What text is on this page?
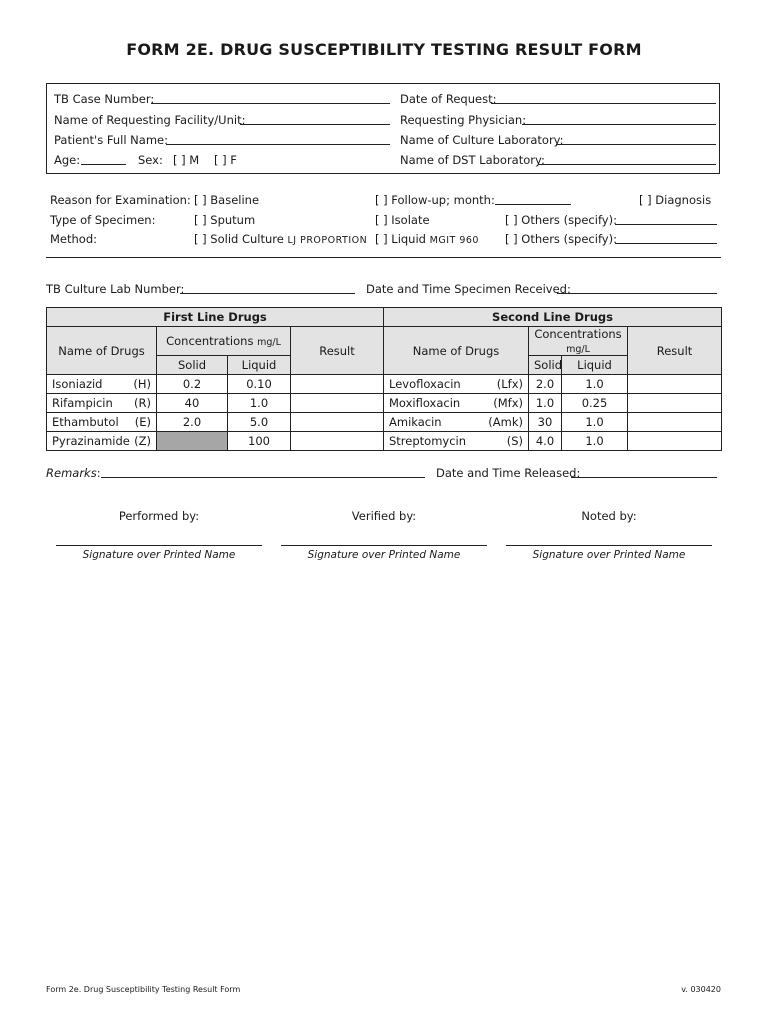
FORM 2E. DRUG SUSCEPTIBILITY TESTING RESULT FORM
TB Case Number:
Name of Requesting Facility/Unit:
Patient's Full Name:
Age:	Sex: [ ] M [ ] F
Date of Request:
Requesting Physician:
Name of Culture Laboratory:
Name of DST Laboratory:
Reason for Examination: [ ] Baseline	[ ] Follow-up; month:	[ ] Diagnosis
Type of Specimen:	[ ] Sputum	[ ] Isolate	[ ] Others (specify):
Method:	[ ] Solid Culture LJ PROPORTION [ ] Liquid MGIT 960 [ ] Others (specify):
TB Culture Lab Number:	Date and Time Specimen Received:
First Line Drugs				Second Line Drugs			
Name of Drugs	Concentrations mg/L		Result	Name of Drugs	Concentrations mg/L		Result
	Solid	Liquid			Solid	Liquid	

Isoniazid (H)	0.2	0.10		Levofloxacin (Lfx)	2.0	1.0	

Rifampicin (R)	40	1.0		Moxifloxacin (Mfx)	1.0	0.25	

Ethambutol (E)	2.0	5.0		Amikacin (Amk)	30	1.0	

Pyrazinamide (Z)		100		Streptomycin (S)	4.0	1.0	
Remarks:	Date and Time Released:
Performed by:	Verified by:	Noted by:
Signature over Printed Name	Signature over Printed Name	Signature over Printed Name
Form 2e. Drug Susceptibility Testing Result Form	v. 030420
